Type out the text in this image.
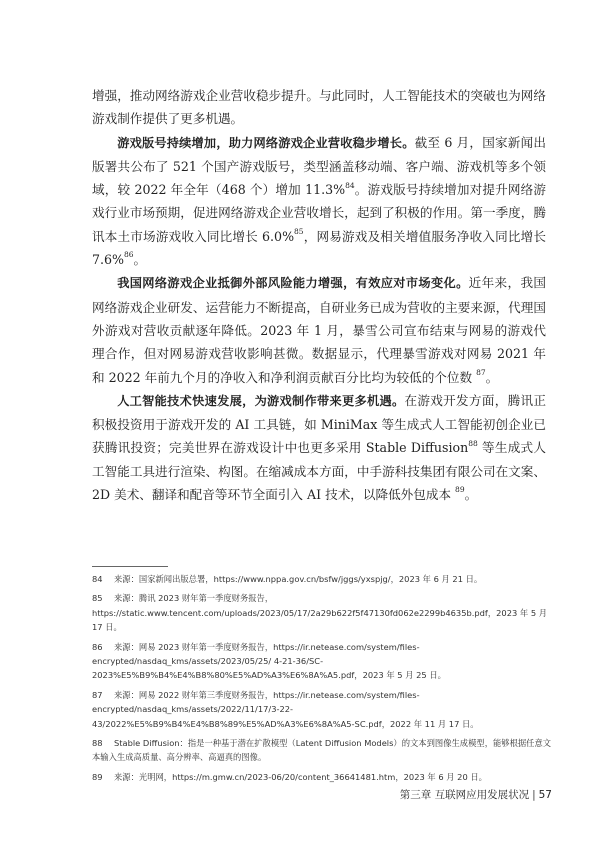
增强，推动网络游戏企业营收稳步提升。与此同时，人工智能技术的突破也为网络游戏制作提供了更多机遇。

游戏版号持续增加，助力网络游戏企业营收稳步增长。截至 6 月，国家新闻出版署共公布了 521 个国产游戏版号，类型涵盖移动端、客户端、游戏机等多个领域，较 2022 年全年（468 个）增加 11.3%$^{84}$。游戏版号持续增加对提升网络游戏行业市场预期，促进网络游戏企业营收增长，起到了积极的作用。第一季度，腾讯本土市场游戏收入同比增长 6.0%$^{85}$，网易游戏及相关增值服务净收入同比增长 7.6%$^{86}$。

我国网络游戏企业抵御外部风险能力增强，有效应对市场变化。近年来，我国网络游戏企业研发、运营能力不断提高，自研业务已成为营收的主要来源，代理国外游戏对营收贡献逐年降低。2023 年 1 月，暴雪公司宣布结束与网易的游戏代理合作，但对网易游戏营收影响甚微。数据显示，代理暴雪游戏对网易 2021 年和 2022 年前九个月的净收入和净利润贡献百分比均为较低的个位数 $^{87}$。

人工智能技术快速发展，为游戏制作带来更多机遇。在游戏开发方面，腾讯正积极投资用于游戏开发的 AI 工具链，如 MiniMax 等生成式人工智能初创企业已获腾讯投资；完美世界在游戏设计中也更多采用 Stable Diffusion$^{88}$ 等生成式人工智能工具进行渲染、构图。在缩减成本方面，中手游科技集团有限公司在文案、2D 美术、翻译和配音等环节全面引入 AI 技术，以降低外包成本 $^{89}$。

84 来源：国家新闻出版总署，https://www.nppa.gov.cn/bsfw/jggs/yxspjg/，2023 年 6 月 21 日。

85 来源：腾讯 2023 财年第一季度财务报告，https://static.www.tencent.com/uploads/2023/05/17/2a29b622f5f47130fd062e2299b4635b.pdf，2023 年 5 月 17 日。

86 来源：网易 2023 财年第一季度财务报告，https://ir.netease.com/system/files-encrypted/nasdaq_kms/assets/2023/05/25/ 4-21-36/SC-2023%E5%B9%B4%E4%B8%80%E5%AD%A3%E6%8A%A5.pdf，2023 年 5 月 25 日。

87 来源：网易 2022 财年第三季度财务报告，https://ir.netease.com/system/files-encrypted/nasdaq_kms/assets/2022/11/17/3-22-43/2022%E5%B9%B4%E4%B8%89%E5%AD%A3%E6%8A%A5-SC.pdf，2022 年 11 月 17 日。

88 Stable Diffusion：指是一种基于潜在扩散模型（Latent Diffusion Models）的文本到图像生成模型，能够根据任意文本输入生成高质量、高分辨率、高逼真的图像。

89 来源：光明网，https://m.gmw.cn/2023-06/20/content_36641481.htm，2023 年 6 月 20 日。

第三章 互联网应用发展状况 | 57
